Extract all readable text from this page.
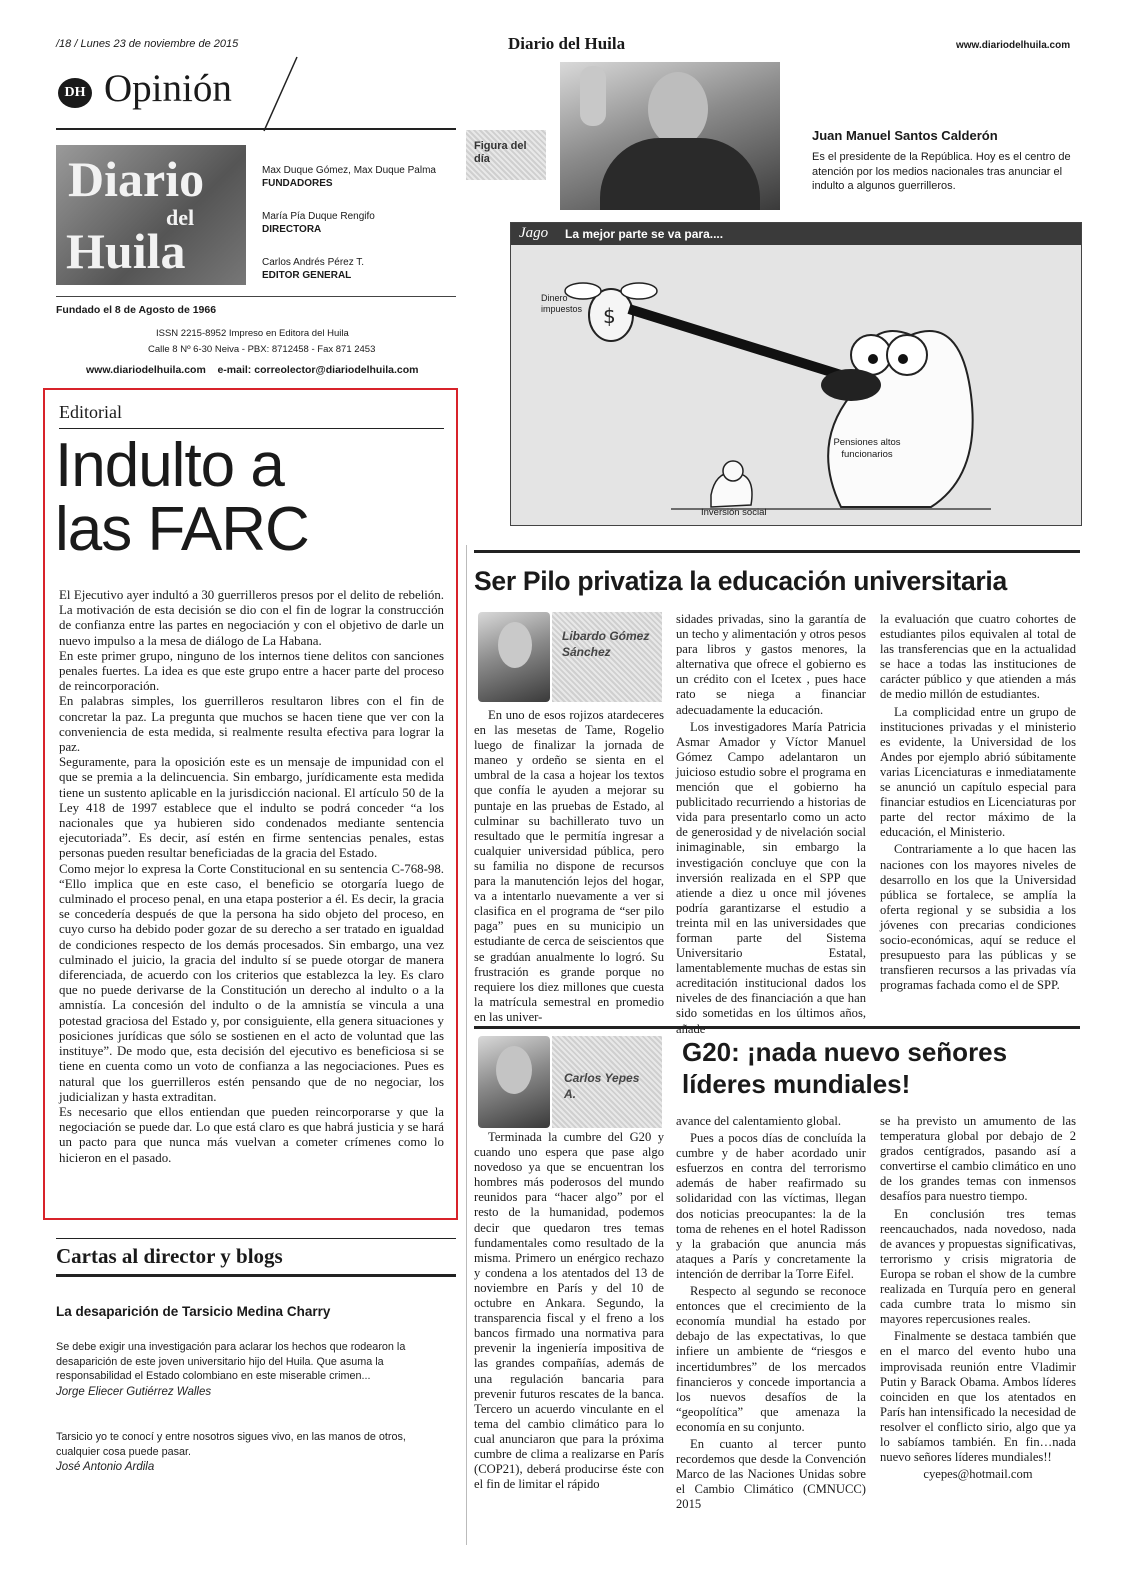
/18 / Lunes 23 de noviembre de 2015	Diario del Huila	www.diariodelhuila.com
DH Opinión
Diario
del
Huila
Max Duque Gómez, Max Duque Palma
FUNDADORES
María Pía Duque Rengifo
DIRECTORA
Carlos Andrés Pérez T.
EDITOR GENERAL
Fundado el 8 de Agosto de 1966
ISSN 2215-8952 Impreso en Editora del Huila
Calle 8 Nº 6-30 Neiva - PBX: 8712458 - Fax 871 2453
www.diariodelhuila.com    e-mail: correolector@diariodelhuila.com
Figura del día
Juan Manuel Santos Calderón
Es el presidente de la República. Hoy es el centro de atención por los medios nacionales tras anunciar el indulto a algunos guerrilleros.
Jago La mejor parte se va para....
$
Dinero impuestos
Pensiones altos funcionarios
Inversión social
Editorial
Indulto a
las FARC

El Ejecutivo ayer indultó a 30 guerrilleros presos por el delito de rebelión. La motivación de esta decisión se dio con el fin de lograr la construcción de confianza entre las partes en negociación y con el objetivo de darle un nuevo impulso a la mesa de diálogo de La Habana.

En este primer grupo, ninguno de los internos tiene delitos con sanciones penales fuertes. La idea es que este grupo entre a hacer parte del proceso de reincorporación.

En palabras simples, los guerrilleros resultaron libres con el fin de concretar la paz. La pregunta que muchos se hacen tiene que ver con la conveniencia de esta medida, si realmente resulta efectiva para lograr la paz.

Seguramente, para la oposición este es un mensaje de impunidad con el que se premia a la delincuencia. Sin embargo, jurídicamente esta medida tiene un sustento aplicable en la jurisdicción nacional. El artículo 50 de la Ley 418 de 1997 establece que el indulto se podrá conceder “a los nacionales que ya hubieren sido condenados mediante sentencia ejecutoriada”. Es decir, así estén en firme sentencias penales, estas personas pueden resultar beneficiadas de la gracia del Estado.

Como mejor lo expresa la Corte Constitucional en su sentencia C-768-98. “Ello implica que en este caso, el beneficio se otorgaría luego de culminado el proceso penal, en una etapa posterior a él. Es decir, la gracia se concedería después de que la persona ha sido objeto del proceso, en cuyo curso ha debido poder gozar de su derecho a ser tratado en igualdad de condiciones respecto de los demás procesados. Sin embargo, una vez culminado el juicio, la gracia del indulto sí se puede otorgar de manera diferenciada, de acuerdo con los criterios que establezca la ley. Es claro que no puede derivarse de la Constitución un derecho al indulto o a la amnistía. La concesión del indulto o de la amnistía se vincula a una potestad graciosa del Estado y, por consiguiente, ella genera situaciones y posiciones jurídicas que sólo se sostienen en el acto de voluntad que las instituye”. De modo que, esta decisión del ejecutivo es beneficiosa si se tiene en cuenta como un voto de confianza a las negociaciones. Pues es natural que los guerrilleros estén pensando que de no negociar, los judicializan y hasta extraditan.

Es necesario que ellos entiendan que pueden reincorporarse y que la negociación se puede dar. Lo que está claro es que habrá justicia y se hará un pacto para que nunca más vuelvan a cometer crímenes como lo hicieron en el pasado.

Cartas al director y blogs
La desaparición de Tarsicio Medina Charry
Se debe exigir una investigación para aclarar los hechos que rodearon la desaparición de este joven universitario hijo del Huila. Que asuma la responsabilidad el Estado colombiano en este miserable crimen...
Jorge Eliecer Gutiérrez Walles
Tarsicio yo te conocí y entre nosotros sigues vivo, en las manos de otros, cualquier cosa puede pasar.
José Antonio Ardila
Ser Pilo privatiza la educación universitaria
Libardo Gómez Sánchez

En uno de esos rojizos atardeceres en las mesetas de Tame, Rogelio luego de finalizar la jornada de maneo y ordeño se sienta en el umbral de la casa a hojear los textos que confía le ayuden a mejorar su puntaje en las pruebas de Estado, al culminar su bachillerato tuvo un resultado que le permitía ingresar a cualquier universidad pública, pero su familia no dispone de recursos para la manutención lejos del hogar, va a intentarlo nuevamente a ver si clasifica en el programa de “ser pilo paga” pues en su municipio un estudiante de cerca de seiscientos que se gradúan anualmente lo logró. Su frustración es grande porque no requiere los diez millones que cuesta la matrícula semestral en promedio en las univer-

sidades privadas, sino la garantía de un techo y alimentación y otros pesos para libros y gastos menores, la alternativa que ofrece el gobierno es un crédito con el Icetex , pues hace rato se niega a financiar adecuadamente la educación.

Los investigadores María Patricia Asmar Amador y Víctor Manuel Gómez Campo adelantaron un juicioso estudio sobre el programa en mención que el gobierno ha publicitado recurriendo a historias de vida para presentarlo como un acto de generosidad y de nivelación social inimaginable, sin embargo la investigación concluye que con la inversión realizada en el SPP que atiende a diez u once mil jóvenes podría garantizarse el estudio a treinta mil en las universidades que forman parte del Sistema Universitario Estatal, lamentablemente muchas de estas sin acreditación institucional dados los niveles de des financiación a que han sido sometidas en los últimos años, añade

la evaluación que cuatro cohortes de estudiantes pilos equivalen al total de las transferencias que en la actualidad se hace a todas las instituciones de carácter público y que atienden a más de medio millón de estudiantes.

La complicidad entre un grupo de instituciones privadas y el ministerio es evidente, la Universidad de los Andes por ejemplo abrió súbitamente varias Licenciaturas e inmediatamente se anunció un capítulo especial para financiar estudios en Licenciaturas por parte del rector máximo de la educación, el Ministerio.

Contrariamente a lo que hacen las naciones con los mayores niveles de desarrollo en los que la Universidad pública se fortalece, se amplía la oferta regional y se subsidia a los jóvenes con precarias condiciones socio-económicas, aquí se reduce el presupuesto para las públicas y se transfieren recursos a las privadas vía programas fachada como el de SPP.

Carlos Yepes A.
G20: ¡nada nuevo señores
líderes mundiales!

Terminada la cumbre del G20 y cuando uno espera que pase algo novedoso ya que se encuentran los hombres más poderosos del mundo reunidos para “hacer algo” por el resto de la humanidad, podemos decir que quedaron tres temas fundamentales como resultado de la misma. Primero un enérgico rechazo y condena a los atentados del 13 de noviembre en París y del 10 de octubre en Ankara. Segundo, la transparencia fiscal y el freno a los bancos firmado una normativa para prevenir la ingeniería impositiva de las grandes compañías, además de una regulación bancaria para prevenir futuros rescates de la banca. Tercero un acuerdo vinculante en el tema del cambio climático para lo cual anunciaron que para la próxima cumbre de clima a realizarse en París (COP21), deberá producirse éste con el fin de limitar el rápido

avance del calentamiento global.

Pues a pocos días de concluída la cumbre y de haber acordado unir esfuerzos en contra del terrorismo además de haber reafirmado su solidaridad con las víctimas, llegan dos noticias preocupantes: la de la toma de rehenes en el hotel Radisson y la grabación que anuncia más ataques a París y concretamente la intención de derribar la Torre Eifel.

Respecto al segundo se reconoce entonces que el crecimiento de la economía mundial ha estado por debajo de las expectativas, lo que infiere un ambiente de “riesgos e incertidumbres” de los mercados financieros y concede importancia a los nuevos desafíos de la “geopolítica” que amenaza la economía en su conjunto.

En cuanto al tercer punto recordemos que desde la Convención Marco de las Naciones Unidas sobre el Cambio Climático (CMNUCC) 2015

se ha previsto un amumento de las temperatura global por debajo de 2 grados centígrados, pasando así a convertirse el cambio climático en uno de los grandes temas con inmensos desafíos para nuestro tiempo.

En conclusión tres temas reencauchados, nada novedoso, nada de avances y propuestas significativas, terrorismo y crisis migratoria de Europa se roban el show de la cumbre realizada en Turquía pero en general cada cumbre trata lo mismo sin mayores repercusiones reales.

Finalmente se destaca también que en el marco del evento hubo una improvisada reunión entre Vladimir Putin y Barack Obama. Ambos líderes coinciden en que los atentados en París han intensificado la necesidad de resolver el conflicto sirio, algo que ya lo sabíamos también. En fin…nada nuevo señores líderes mundiales!!

cyepes@hotmail.com
